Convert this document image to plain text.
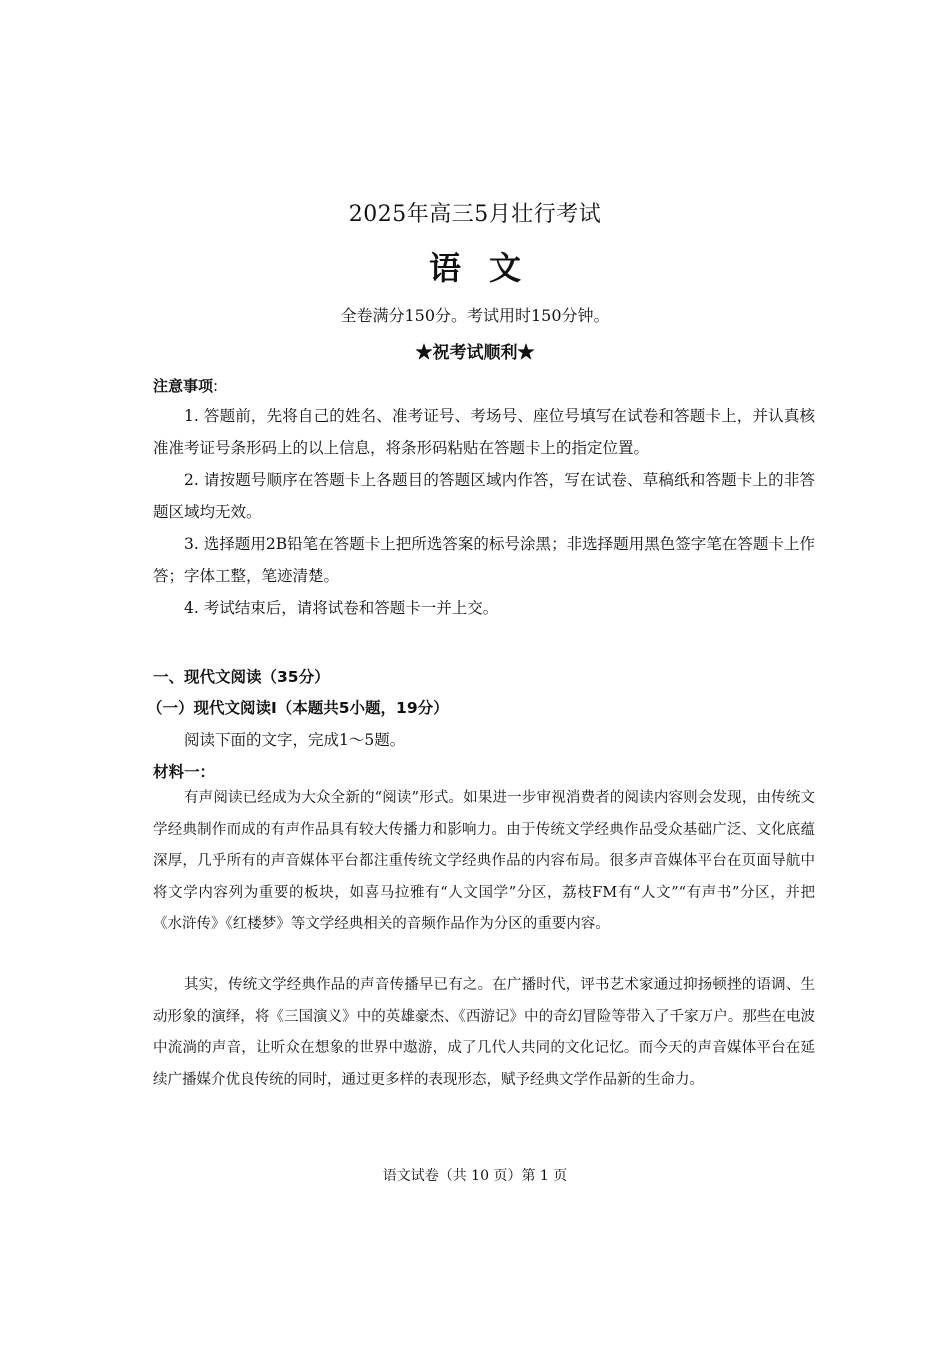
2025年高三5月壮行考试
语文
全卷满分150分。考试用时150分钟。
★祝考试顺利★
注意事项:
1. 答题前，先将自己的姓名、准考证号、考场号、座位号填写在试卷和答题卡上，并认真核准准考证号条形码上的以上信息，将条形码粘贴在答题卡上的指定位置。
2. 请按题号顺序在答题卡上各题目的答题区域内作答，写在试卷、草稿纸和答题卡上的非答题区域均无效。
3. 选择题用2B铅笔在答题卡上把所选答案的标号涂黑；非选择题用黑色签字笔在答题卡上作答；字体工整，笔迹清楚。
4. 考试结束后，请将试卷和答题卡一并上交。
一、现代文阅读（35分）
（一）现代文阅读Ⅰ（本题共5小题，19分）
阅读下面的文字，完成1～5题。
材料一：
有声阅读已经成为大众全新的“阅读”形式。如果进一步审视消费者的阅读内容则会发现，由传统文学经典制作而成的有声作品具有较大传播力和影响力。由于传统文学经典作品受众基础广泛、文化底蕴深厚，几乎所有的声音媒体平台都注重传统文学经典作品的内容布局。很多声音媒体平台在页面导航中将文学内容列为重要的板块，如喜马拉雅有“人文国学”分区，荔枝FM有“人文”“有声书”分区，并把《水浒传》《红楼梦》等文学经典相关的音频作品作为分区的重要内容。
其实，传统文学经典作品的声音传播早已有之。在广播时代，评书艺术家通过抑扬顿挫的语调、生动形象的演绎，将《三国演义》中的英雄豪杰、《西游记》中的奇幻冒险等带入了千家万户。那些在电波中流淌的声音，让听众在想象的世界中遨游，成了几代人共同的文化记忆。而今天的声音媒体平台在延续广播媒介优良传统的同时，通过更多样的表现形态，赋予经典文学作品新的生命力。
语文试卷（共 10 页）第 1 页
